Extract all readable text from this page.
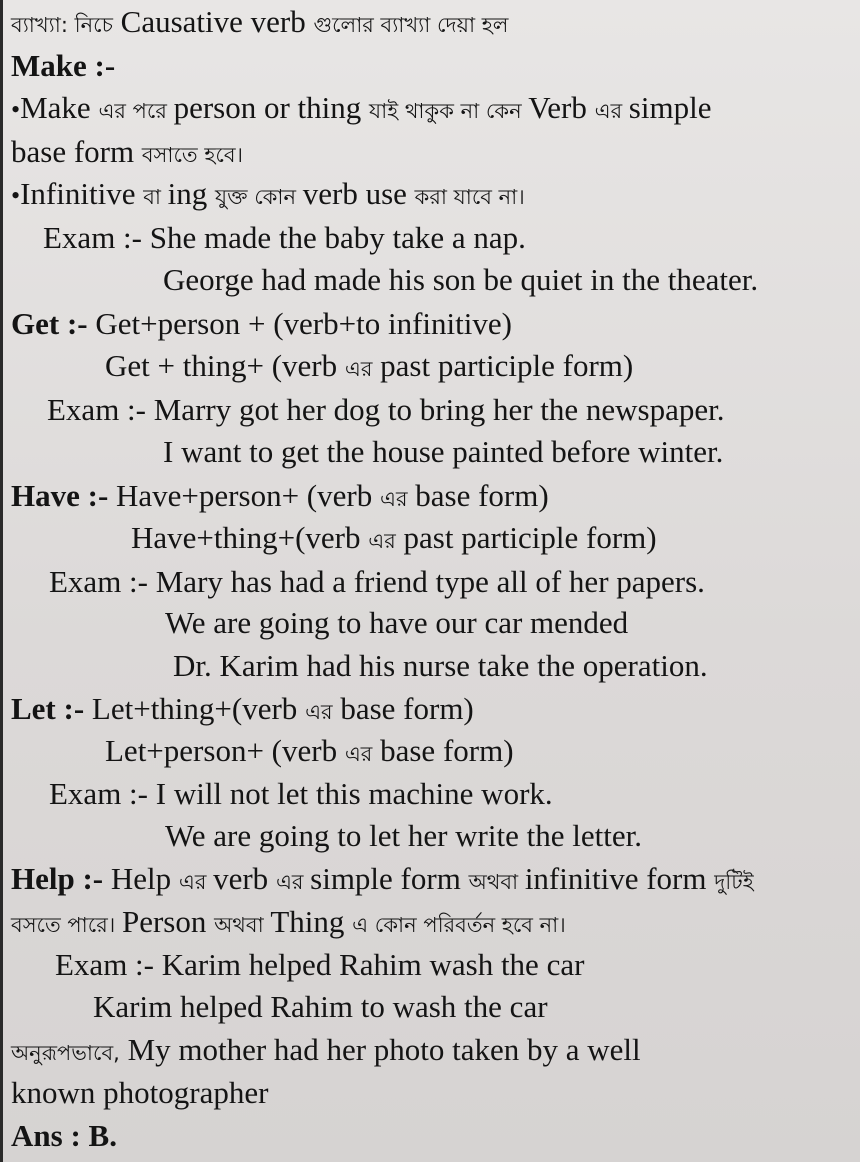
ব্যাখ্যা: নিচে Causative verb গুলোর ব্যাখ্যা দেয়া হল
Make :-
•Make এর পরে person or thing যাই থাকুক না কেন Verb এর simple
base form বসাতে হবে।
•Infinitive বা ing যুক্ত কোন verb use করা যাবে না।
Exam :- She made the baby take a nap.
George had made his son be quiet in the theater.
Get :- Get+person + (verb+to infinitive)
Get + thing+ (verb এর past participle form)
Exam :- Marry got her dog to bring her the newspaper.
I want to get the house painted before winter.
Have :- Have+person+ (verb এর base form)
Have+thing+(verb এর past participle form)
Exam :- Mary has had a friend type all of her papers.
We are going to have our car mended
Dr. Karim had his nurse take the operation.
Let :- Let+thing+(verb এর base form)
Let+person+ (verb এর base form)
Exam :- I will not let this machine work.
We are going to let her write the letter.
Help :- Help এর verb এর simple form অথবা infinitive form দুটিই
বসতে পারে। Person অথবা Thing এ কোন পরিবর্তন হবে না।
Exam :- Karim helped Rahim wash the car
Karim helped Rahim to wash the car
অনুরূপভাবে, My mother had her photo taken by a well
known photographer
Ans : B.
